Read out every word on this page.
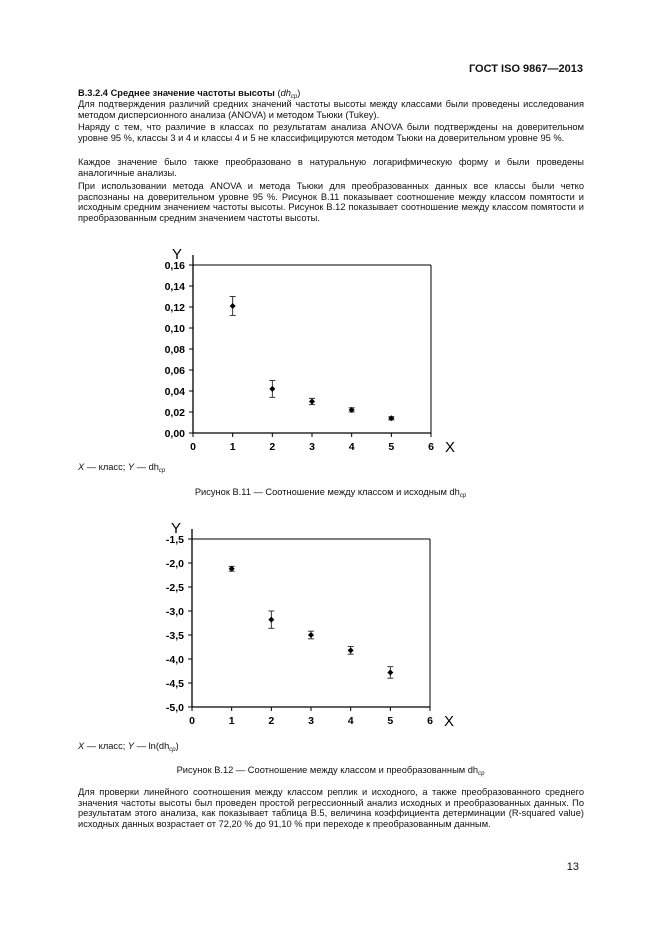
ГОСТ ISO 9867—2013

В.3.2.4 Среднее значение частоты высоты $(dh_{ср})$

Для подтверждения различий средних значений частоты высоты между классами были проведены исследования методом дисперсионного анализа (ANOVA) и методом Тьюки (Tukey).

Наряду с тем, что различие в классах по результатам анализа ANOVA были подтверждены на доверительном уровне 95 %, классы 3 и 4 и классы 4 и 5 не классифицируются методом Тьюки на доверительном уровне 95 %.

Каждое значение было также преобразовано в натуральную логарифмическую форму и были проведены аналогичные анализы.

При использовании метода ANOVA и метода Тьюки для преобразованных данных все классы были четко распознаны на доверительном уровне 95 %. Рисунок В.11 показывает соотношение между классом помятости и исходным средним значением частоты высоты. Рисунок В.12 показывает соотношение между классом помятости и преобразованным средним значением частоты высоты.

0,00
0,02
0,04
0,06
0,08
0,10
0,12
0,14
0,16
0	1	2	3	4	5	6
Y
X
X — класс; Y — $dh_{ср}$
Рисунок В.11 — Соотношение между классом и исходным $dh_{ср}$
-5,0
-4,5
-4,0
-3,5
-3,0
-2,5
-2,0
-1,5
0	1	2	3	4	5	6
Y
X
X — класс; Y — $\ln(dh_{ср})$
Рисунок В.12 — Соотношение между классом и преобразованным $dh_{ср}$

Для проверки линейного соотношения между классом реплик и исходного, а также преобразованного среднего значения частоты высоты был проведен простой регрессионный анализ исходных и преобразованных данных. По результатам этого анализа, как показывает таблица В.5, величина коэффициента детерминации (R-squared value) исходных данных возрастает от 72,20 % до 91,10 % при переходе к преобразованным данным.

13
